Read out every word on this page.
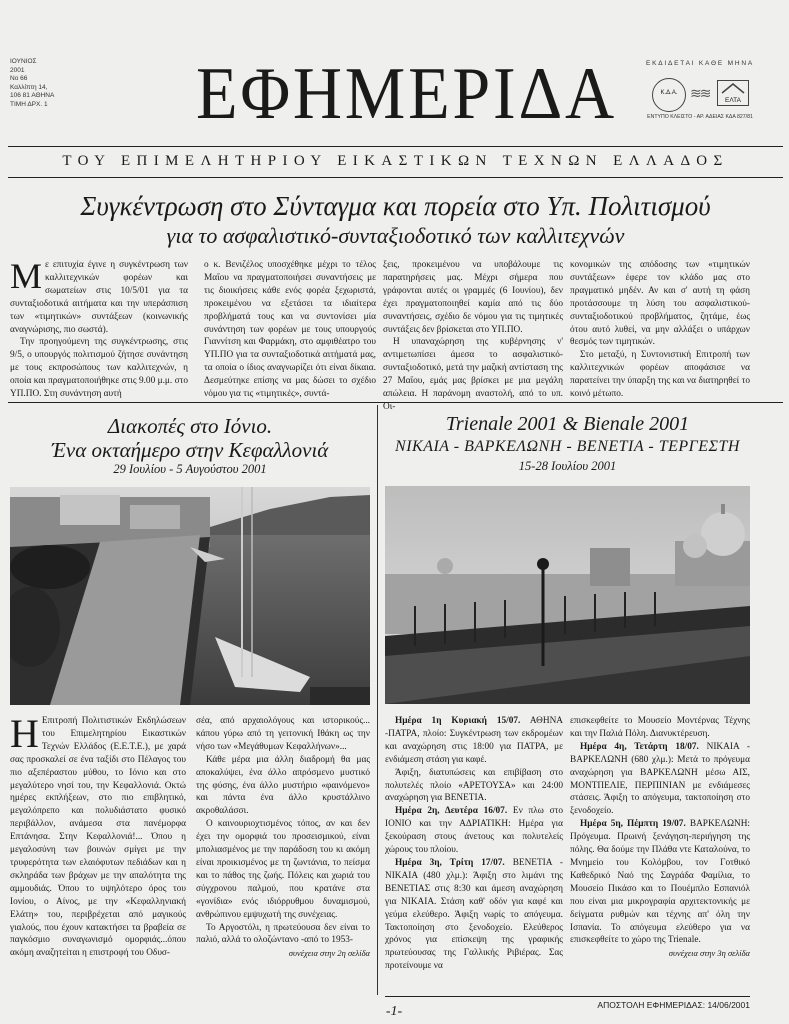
ΙΟΥΝΙΟΣ
2001
Νο 66
Καλλίπτη 14,
106 81 ΑΘΗΝΑ
ΤΙΜΗ ΔΡΧ. 1 ΕΦΗΜΕΡΙΔΑ	ΕΚΔΙΔΕΤΑΙ ΚΑΘΕ ΜΗΝΑ
Κ.Δ.Α. ≋≋	ΕΛΤΑ
ΕΝΤΥΠΟ ΚΛΕΙΣΤΟ - ΑΡ. ΑΔΕΙΑΣ ΚΔΑ 827/81
ΤΟΥ ΕΠΙΜΕΛΗΤΗΡΙΟΥ ΕΙΚΑΣΤΙΚΩΝ ΤΕΧΝΩΝ ΕΛΛΑΔΟΣ
Συγκέντρωση στο Σύνταγμα και πορεία στο Υπ. Πολιτισμού
για το ασφαλιστικό-συνταξιοδοτικό των καλλιτεχνών
Μ ε επιτυχία έγινε η συγκέντρωση των καλλιτεχνικών φορέων και σωματείων στις 10/5/01 για τα συνταξιοδοτικά αιτήματα και την υπεράσπιση των «τιμητικών» συντάξεων (κοινωνικής αναγνώρισης, πιο σωστά).

Την προηγούμενη της συγκέντρωσης, στις 9/5, ο υπουργός πολιτισμού ζήτησε συνάντηση με τους εκπροσώπους των καλλιτεχνών, η οποία και πραγματοποιήθηκε στις 9.00 μ.μ. στο ΥΠ.ΠΟ. Στη συνάντηση αυτή

ο κ. Βενιζέλος υποσχέθηκε μέχρι το τέλος Μαΐου να πραγματοποιήσει συναντήσεις με τις διοικήσεις κάθε ενός φορέα ξεχωριστά, προκειμένου να εξετάσει τα ιδιαίτερα προβλήματά τους και να συντονίσει μία συνάντηση των φορέων με τους υπουργούς Γιαννίτση και Φαρμάκη, στο αμφιθέατρο του ΥΠ.ΠΟ για τα συνταξιοδοτικά αιτήματά μας, τα οποία ο ίδιος αναγνωρίζει ότι είναι δίκαια. Δεσμεύτηκε επίσης να μας δώσει το σχέδιο νόμου για τις «τιμητικές», συντά-

ξεις, προκειμένου να υποβάλουμε τις παρατηρήσεις μας. Μέχρι σήμερα που γράφονται αυτές οι γραμμές (6 Ιουνίου), δεν έχει πραγματοποιηθεί καμία από τις δύο συναντήσεις, σχέδιο δε νόμου για τις τιμητικές συντάξεις δεν βρίσκεται στο ΥΠ.ΠΟ.

Η υπαναχώρηση της κυβέρνησης ν' αντιμετωπίσει άμεσα το ασφαλιστικό-συνταξιοδοτικό, μετά την μαζική αντίσταση της 27 Μαΐου, εμάς μας βρίσκει με μια μεγάλη απώλεια. Η παράνομη αναστολή, από το υπ. Οι-

κονομικών της απόδοσης των «τιμητικών συντάξεων» έφερε τον κλάδο μας στο πραγματικό μηδέν. Αν και σ' αυτή τη φάση προτάσσουμε τη λύση του ασφαλιστικού-συνταξιοδοτικού προβλήματος, ζητάμε, έως ότου αυτό λυθεί, να μην αλλάξει ο υπάρχων θεσμός των τιμητικών.

Στο μεταξύ, η Συντονιστική Επιτροπή των καλλιτεχνικών φορέων αποφάσισε να παρατείνει την ύπαρξη της και να διατηρηθεί το κοινό μέτωπο.

Διακοπές στο Ιόνιο.
Ένα οκταήμερο στην Κεφαλλονιά
29 Ιουλίου - 5 Αυγούστου 2001
Η Επιτροπή Πολιτιστικών Εκδηλώσεων του Επιμελητηρίου Εικαστικών Τεχνών Ελλάδος (Ε.Ε.Τ.Ε.), με χαρά σας προσκαλεί σε ένα ταξίδι στο Πέλαγος του πιο αξεπέραστου μύθου, το Ιόνιο και στο μεγαλύτερο νησί του, την Κεφαλλονιά. Οκτώ ημέρες εκπλήξεων, στο πιο επιβλητικό, μεγαλόπρεπο και πολυδιάστατο φυσικό περιβάλλον, ανάμεσα στα πανέμορφα Επτάνησα. Στην Κεφαλλονιά!... Όπου η μεγαλοσύνη των βουνών σμίγει με την τρυφερότητα των ελαιόφυτων πεδιάδων και η σκληράδα των βράχων με την απαλότητα της αμμουδιάς. Όπου το υψηλότερο όρος του Ιονίου, ο Αίνος, με την «Κεφαλληνιακή Ελάτη» του, περιβρέχεται από μαγικούς γιαλούς, που έχουν κατακτήσει τα βραβεία σε παγκόσμιο συναγωνισμό ομορφιάς...όπου ακόμη αναζητείται η επιστροφή του Οδυσ-

σέα, από αρχαιολόγους και ιστορικούς... κάπου γύρω από τη γειτονική Ιθάκη ως την νήσο των «Μεγάθυμων Κεφαλλήνων»...

Κάθε μέρα μια άλλη διαδρομή θα μας αποκαλύψει, ένα άλλο απρόσμενο μυστικό της φύσης, ένα άλλο μυστήριο «φαινόμενο» και πάντα ένα άλλο κρυστάλλινο ακροθαλάσσι.

Ο καινουριοχτισμένος τόπος, αν και δεν έχει την ομορφιά του προσεισμικού, είναι μπολιασμένος με την παράδοση του κι ακόμη είναι προικισμένος με τη ζωντάνια, το πείσμα και το πάθος της ζωής. Πόλεις και χωριά του σύγχρονου παλμού, που κρατάνε στα «γονίδια» ενός ιδιόρρυθμου δυναμισμού, ανθρώπινου εμψυχωτή της συνέχειας.

Το Αργοστόλι, η πρωτεύουσα δεν είναι το παλιό, αλλά το ολοζώντανο -από το 1953-

συνέχεια στην 2η σελίδα
Trienale 2001 & Bienale 2001
ΝΙΚΑΙΑ - ΒΑΡΚΕΛΩΝΗ - ΒΕΝΕΤΙΑ - ΤΕΡΓΕΣΤΗ
15-28 Ιουλίου 2001

Ημέρα 1η Κυριακή 15/07. ΑΘΗΝΑ -ΠΑΤΡΑ, πλοίο: Συγκέντρωση των εκδρομέων και αναχώρηση στις 18:00 για ΠΑΤΡΑ, με ενδιάμεση στάση για καφέ.

Άφιξη, διατυπώσεις και επιβίβαση στο πολυτελές πλοίο «ΑΡΕΤΟΥΣΑ» και 24:00 αναχώρηση για ΒΕΝΕΤΙΑ.

Ημέρα 2η, Δευτέρα 16/07. Εν πλω στο ΙΟΝΙΟ και την ΑΔΡΙΑΤΙΚΗ: Ημέρα για ξεκούραση στους άνετους και πολυτελείς χώρους του πλοίου.

Ημέρα 3η, Τρίτη 17/07. ΒΕΝΕΤΙΑ - ΝΙΚΑΙΑ (480 χλμ.): Άφιξη στο λιμάνι της ΒΕΝΕΤΙΑΣ στις 8:30 και άμεση αναχώρηση για ΝΙΚΑΙΑ. Στάση καθ' οδόν για καφέ και γεύμα ελεύθερο. Άφιξη νωρίς το απόγευμα. Τακτοποίηση στο ξενοδοχείο. Ελεύθερος χρόνος για επίσκεψη της γραφικής πρωτεύουσας της Γαλλικής Ριβιέρας. Σας προτείνουμε να

επισκεφθείτε το Μουσείο Μοντέρνας Τέχνης και την Παλιά Πόλη. Διανυκτέρευση.

Ημέρα 4η, Τετάρτη 18/07. ΝΙΚΑΙΑ - ΒΑΡΚΕΛΩΝΗ (680 χλμ.): Μετά το πρόγευμα αναχώρηση για ΒΑΡΚΕΛΩΝΗ μέσω ΑΙΣ, ΜΟΝΤΠΕΛΙΕ, ΠΕΡΠΙΝΙΑΝ με ενδιάμεσες στάσεις. Άφιξη το απόγευμα, τακτοποίηση στο ξενοδοχείο.

Ημέρα 5η, Πέμπτη 19/07. ΒΑΡΚΕΛΩΝΗ: Πρόγευμα. Πρωινή ξενάγηση-περιήγηση της πόλης. Θα δούμε την Πλάθα ντε Καταλούνα, το Μνημείο του Κολόμβου, τον Γοτθικό Καθεδρικό Ναό της Σαγράδα Φαμίλια, το Μουσείο Πικάσο και το Πουέμπλο Εσπανιόλ που είναι μια μικρογραφία αρχιτεκτονικής με δείγματα ρυθμών και τέχνης απ' όλη την Ισπανία. Το απόγευμα ελεύθερο για να επισκεφθείτε το χώρο της Trienale.

συνέχεια στην 3η σελίδα
ΑΠΟΣΤΟΛΗ ΕΦΗΜΕΡΙΔΑΣ: 14/06/2001
-1-
